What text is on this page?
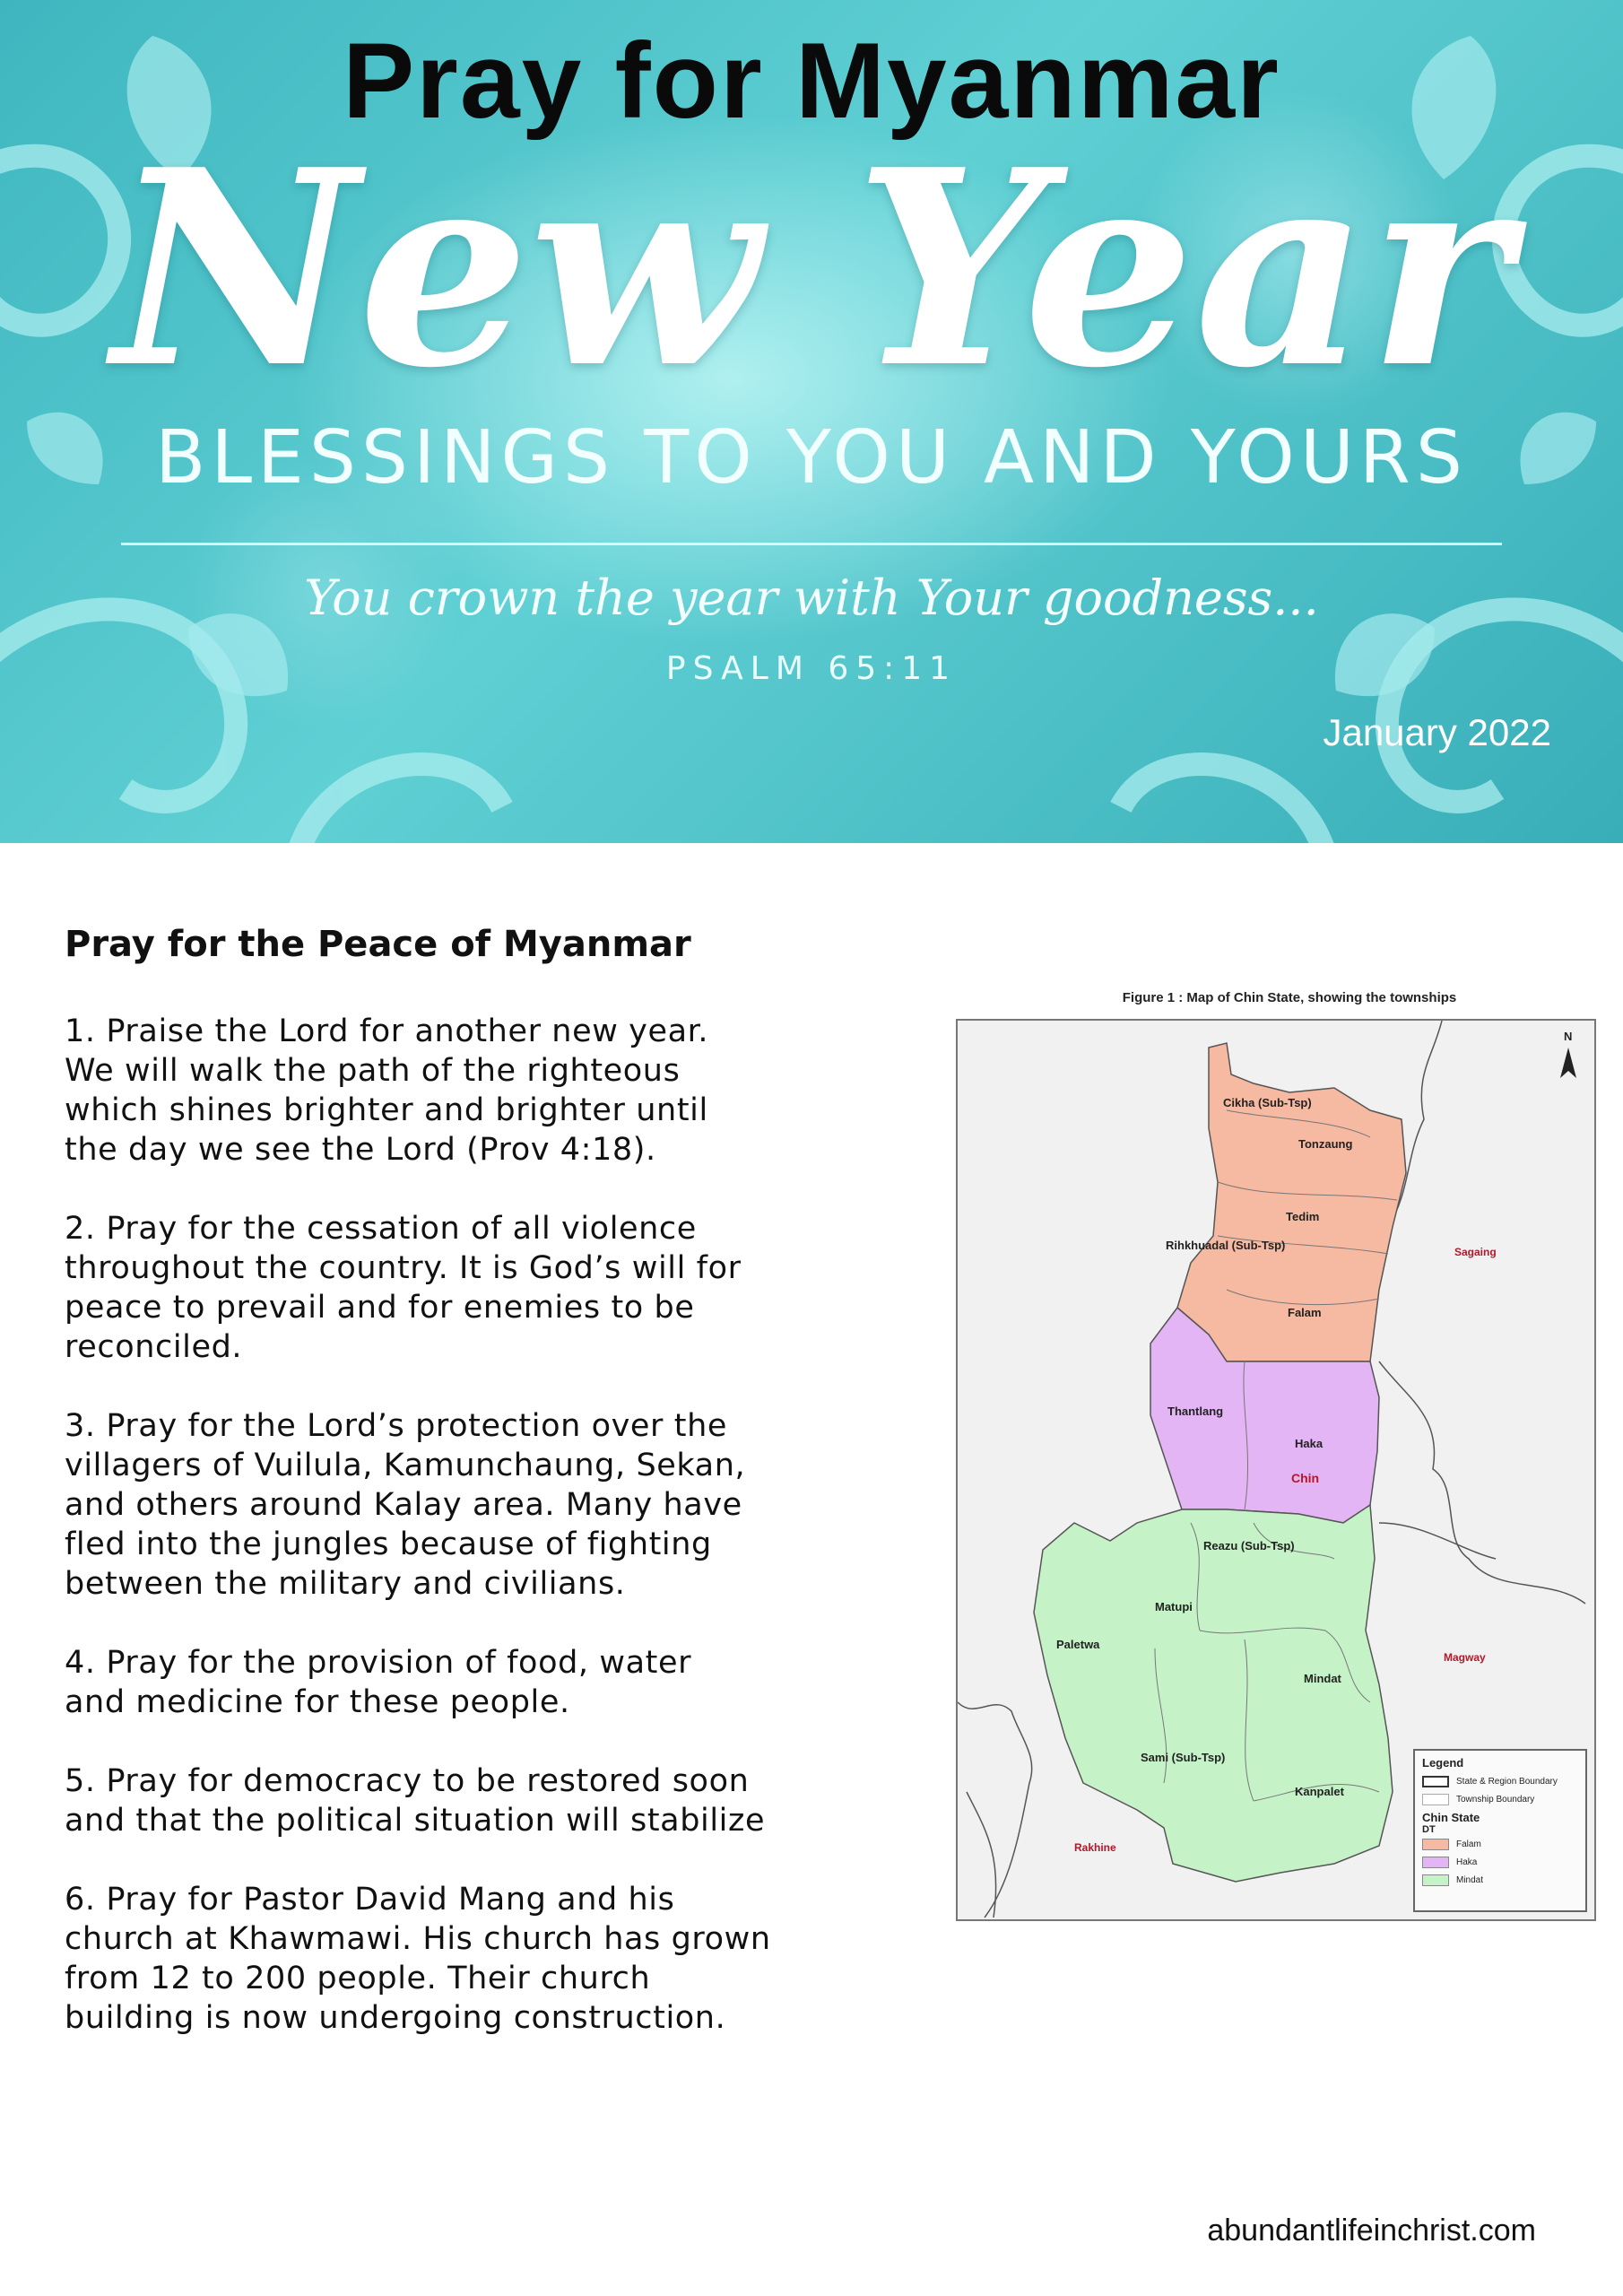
Pray for Myanmar
New Year
BLESSINGS TO YOU AND YOURS
You crown the year with Your goodness...
PSALM 65:11
January 2022
Pray for the Peace of Myanmar

1. Praise the Lord for another new year.
We will walk the path of the righteous
which shines brighter and brighter until
the day we see the Lord (Prov 4:18).

2. Pray for the cessation of all violence
throughout the country. It is God’s will for
peace to prevail and for enemies to be
reconciled.

3. Pray for the Lord’s protection over the
villagers of Vuilula, Kamunchaung, Sekan,
and others around Kalay area. Many have
fled into the jungles because of fighting
between the military and civilians.

4. Pray for the provision of food, water
and medicine for these people.

5. Pray for democracy to be restored soon
and that the political situation will stabilize

6. Pray for Pastor David Mang and his
church at Khawmawi. His church has grown
from 12 to 200 people. Their church
building is now undergoing construction.

Figure 1 : Map of Chin State, showing the townships
N
Cikha (Sub-Tsp)
Tonzaung
Tedim
Rihkhuadal (Sub-Tsp)
Falam
Thantlang
Haka
Chin
Reazu (Sub-Tsp)
Matupi
Paletwa
Mindat
Sami (Sub-Tsp)
Kanpalet
Sagaing
Magway
Rakhine
Legend
State & Region Boundary
Township Boundary
Chin State
DT
Falam
Haka
Mindat
abundantlifeinchrist.com
